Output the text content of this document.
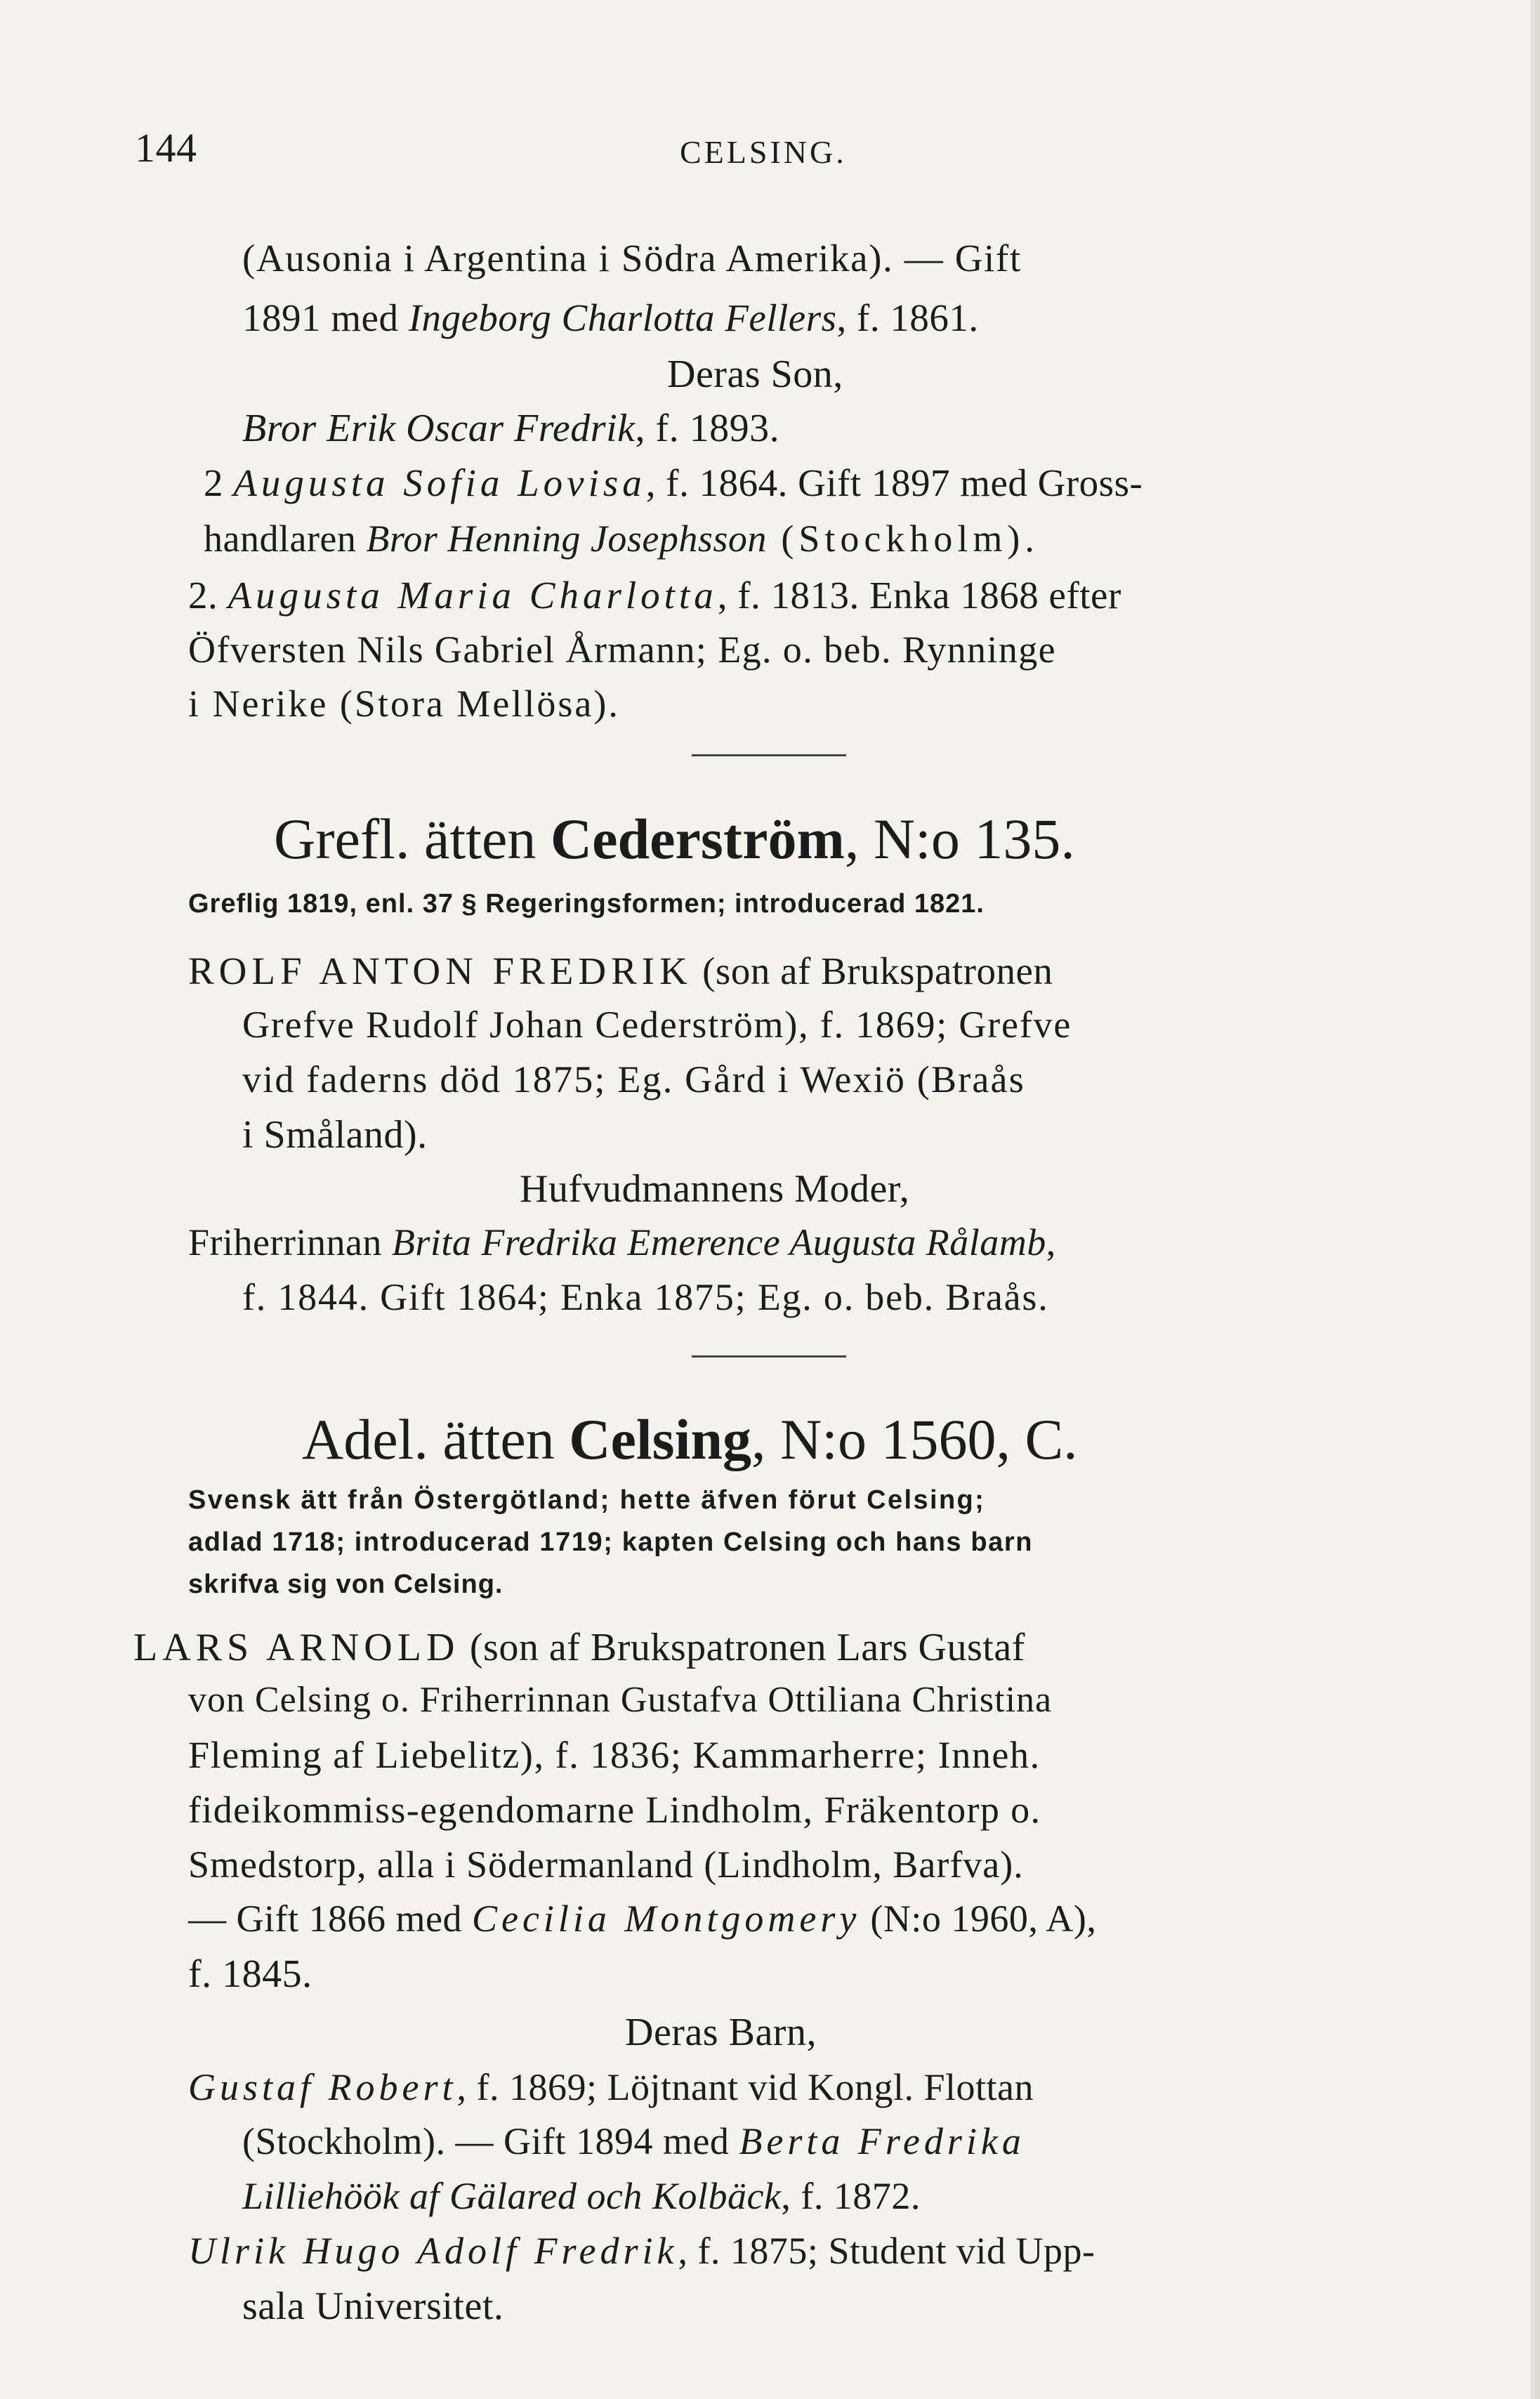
144	CELSING.
(Ausonia i Argentina i Södra Amerika). — Gift
1891 med Ingeborg Charlotta Fellers, f. 1861.
Deras Son,
Bror Erik Oscar Fredrik, f. 1893.
2 Augusta Sofia Lovisa, f. 1864. Gift 1897 med Gross-
handlaren Bror Henning Josephsson (Stockholm).
2. Augusta Maria Charlotta, f. 1813. Enka 1868 efter
Öfversten Nils Gabriel Årmann; Eg. o. beb. Rynninge
i Nerike (Stora Mellösa).
Grefl. ätten Cederström, N:o 135.
Greflig 1819, enl. 37 § Regeringsformen; introducerad 1821.
ROLF ANTON FREDRIK (son af Brukspatronen
Grefve Rudolf Johan Cederström), f. 1869; Grefve
vid faderns död 1875; Eg. Gård i Wexiö (Braås
i Småland).
Hufvudmannens Moder,
Friherrinnan Brita Fredrika Emerence Augusta Rålamb,
f. 1844. Gift 1864; Enka 1875; Eg. o. beb. Braås.
Adel. ätten Celsing, N:o 1560, C.
Svensk ätt från Östergötland; hette äfven förut Celsing;
adlad 1718; introducerad 1719; kapten Celsing och hans barn
skrifva sig von Celsing.
LARS ARNOLD (son af Brukspatronen Lars Gustaf
von Celsing o. Friherrinnan Gustafva Ottiliana Christina
Fleming af Liebelitz), f. 1836; Kammarherre; Inneh.
fideikommiss-egendomarne Lindholm, Fräkentorp o.
Smedstorp, alla i Södermanland (Lindholm, Barfva).
— Gift 1866 med Cecilia Montgomery (N:o 1960, A),
f. 1845.
Deras Barn,
Gustaf Robert, f. 1869; Löjtnant vid Kongl. Flottan
(Stockholm). — Gift 1894 med Berta Fredrika
Lilliehöök af Gälared och Kolbäck, f. 1872.
Ulrik Hugo Adolf Fredrik, f. 1875; Student vid Upp-
sala Universitet.
